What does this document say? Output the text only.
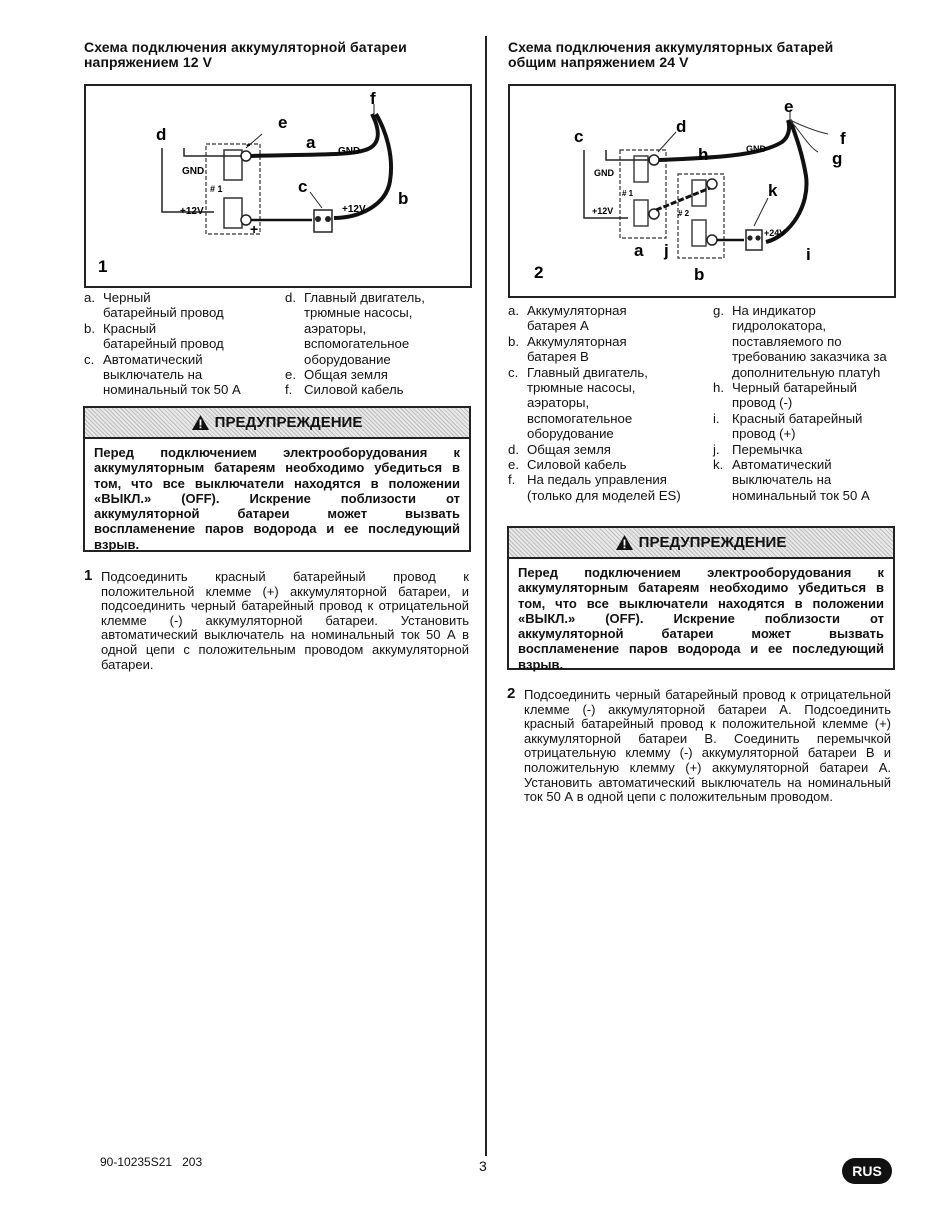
Схема подключения аккумуляторной батареи
напряжением 12 V
e
a
f
d
c
b
GND
GND
+12V	+12V
# 1
-
+
1
a. Черный
батарейный провод
b. Красный
батарейный провод
c. Автоматический
выключатель на
номинальный ток 50 А
d. Главный двигатель,
трюмные насосы,
аэраторы,
вспомогательное
оборудование
e. Общая земля
f. Силовой кабель
ПРЕДУПРЕЖДЕНИЕ
Перед подключением электрооборудования к аккумуляторным батареям необходимо убедиться в том, что все выключатели находятся в положении «ВЫКЛ.» (OFF). Искрение поблизости от аккумуляторной батареи может вызвать воспламенение паров водорода и ее последующий взрыв.
1 Подсоединить красный батарейный провод к положительной клемме (+) аккумуляторной батареи, и подсоединить черный батарейный провод к отрицательной клемме (-) аккумуляторной батареи. Установить автоматический выключатель на номинальный ток 50 А в одной цепи с положительным проводом аккумуляторной батареи.
Схема подключения аккумуляторных батарей
общим напряжением 24 V
e
d
c
h
f
g
k
i
a j
b
GND
GND
+12V
+24V
# 1
# 2
2
a. Аккумуляторная
батарея А
b. Аккумуляторная
батарея В
c. Главный двигатель,
трюмные насосы,
аэраторы,
вспомогательное
оборудование
d. Общая земля
e. Силовой кабель
f. На педаль управления
(только для моделей ES)
g. На индикатор
гидролокатора,
поставляемого по
требованию заказчика за
дополнительную платуh
h. Черный батарейный
провод (-)
i. Красный батарейный
провод (+)
j. Перемычка
k. Автоматический
выключатель на
номинальный ток 50 А
ПРЕДУПРЕЖДЕНИЕ
Перед подключением электрооборудования к аккумуляторным батареям необходимо убедиться в том, что все выключатели находятся в положении «ВЫКЛ.» (OFF). Искрение поблизости от аккумуляторной батареи может вызвать воспламенение паров водорода и ее последующий взрыв.
2 Подсоединить черный батарейный провод к отрицательной клемме (-) аккумуляторной батареи А. Подсоединить красный батарейный провод к положительной клемме (+) аккумуляторной батареи В. Соединить перемычкой отрицательную клемму (-) аккумуляторной батареи В и положительную клемму (+) аккумуляторной батареи А. Установить автоматический выключатель на номинальный ток 50 А в одной цепи с положительным проводом.
90-10235S21 203	3	RUS
